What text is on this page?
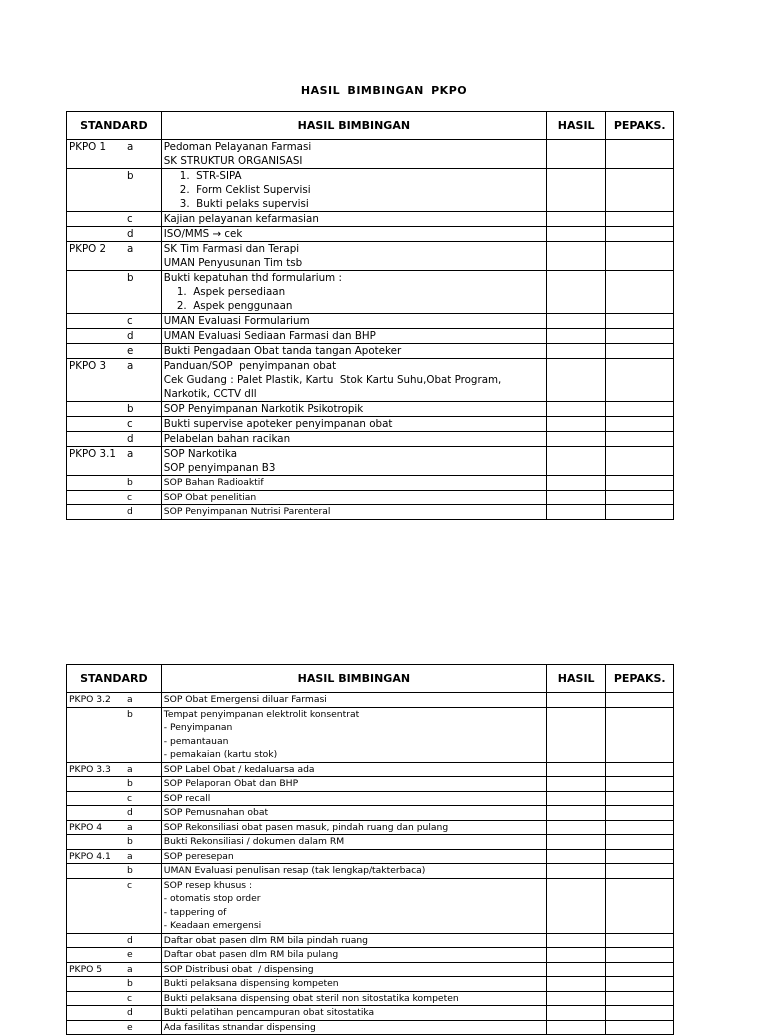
HASIL BIMBINGAN PKPO
STANDARD	HASIL BIMBINGAN	HASIL	PEPAKS.
PKPO 1 a	Pedoman Pelayanan Farmasi
SK STRUKTUR ORGANISASI		

b	1.  STR-SIPA
2.  Form Ceklist Supervisi
3.  Bukti pelaks supervisi		

c	Kajian pelayanan kefarmasian		

d	ISO/MMS → cek		

PKPO 2 a	SK Tim Farmasi dan Terapi
UMAN Penyusunan Tim tsb		

b	Bukti kepatuhan thd formularium :
1.  Aspek persediaan
2.  Aspek penggunaan		

c	UMAN Evaluasi Formularium		

d	UMAN Evaluasi Sediaan Farmasi dan BHP		

e	Bukti Pengadaan Obat tanda tangan Apoteker		

PKPO 3 a	Panduan/SOP  penyimpanan obat
Cek Gudang : Palet Plastik, Kartu  Stok Kartu Suhu,Obat Program,
Narkotik, CCTV dll		

b	SOP Penyimpanan Narkotik Psikotropik		

c	Bukti supervise apoteker penyimpanan obat		

d	Pelabelan bahan racikan		

PKPO 3.1 a	SOP Narkotika
SOP penyimpanan B3		

b	SOP Bahan Radioaktif		

c	SOP Obat penelitian		

d	SOP Penyimpanan Nutrisi Parenteral		

STANDARD	HASIL BIMBINGAN	HASIL	PEPAKS.
PKPO 3.2 a	SOP Obat Emergensi diluar Farmasi		

b	Tempat penyimpanan elektrolit konsentrat
- Penyimpanan
- pemantauan
- pemakaian (kartu stok)		

PKPO 3.3 a	SOP Label Obat / kedaluarsa ada		

b	SOP Pelaporan Obat dan BHP		

c	SOP recall		

d	SOP Pemusnahan obat		

PKPO 4 a	SOP Rekonsiliasi obat pasen masuk, pindah ruang dan pulang		

b	Bukti Rekonsiliasi / dokumen dalam RM		

PKPO 4.1 a	SOP peresepan		

b	UMAN Evaluasi penulisan resap (tak lengkap/takterbaca)		

c	SOP resep khusus :
- otomatis stop order
- tappering of
- Keadaan emergensi		

d	Daftar obat pasen dlm RM bila pindah ruang		

e	Daftar obat pasen dlm RM bila pulang		

PKPO 5 a	SOP Distribusi obat  / dispensing		

b	Bukti pelaksana dispensing kompeten		

c	Bukti pelaksana dispensing obat steril non sitostatika kompeten		

d	Bukti pelatihan pencampuran obat sitostatika		

e	Ada fasilitas stnandar dispensing		
